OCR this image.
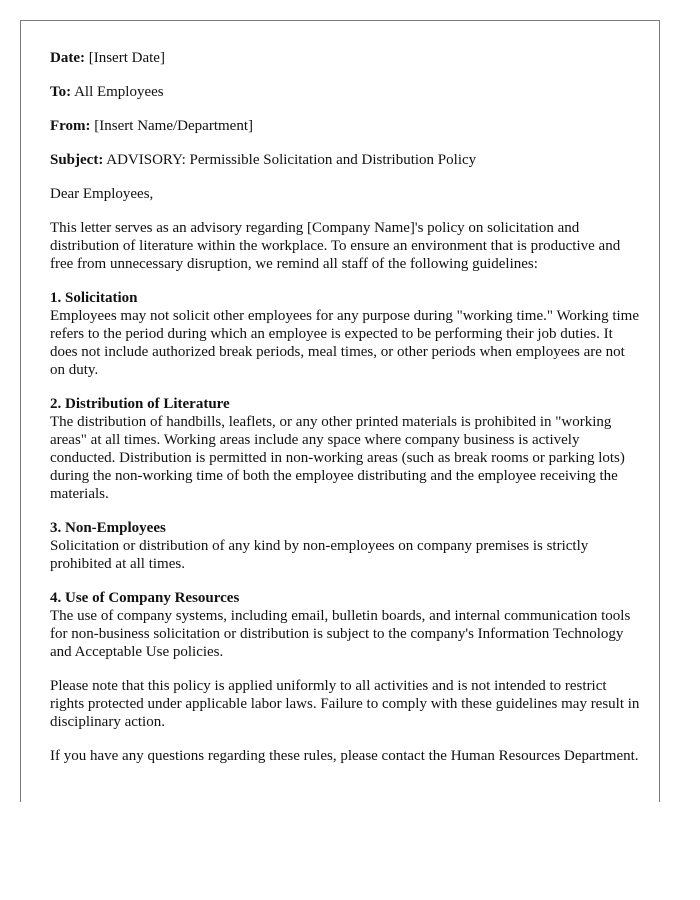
Date: [Insert Date]
To: All Employees
From: [Insert Name/Department]
Subject: ADVISORY: Permissible Solicitation and Distribution Policy

Dear Employees,

This letter serves as an advisory regarding [Company Name]'s policy on solicitation and distribution of literature within the workplace. To ensure an environment that is productive and free from unnecessary disruption, we remind all staff of the following guidelines:

1. Solicitation
Employees may not solicit other employees for any purpose during "working time." Working time refers to the period during which an employee is expected to be performing their job duties. It does not include authorized break periods, meal times, or other periods when employees are not on duty.
2. Distribution of Literature
The distribution of handbills, leaflets, or any other printed materials is prohibited in "working areas" at all times. Working areas include any space where company business is actively conducted. Distribution is permitted in non-working areas (such as break rooms or parking lots) during the non-working time of both the employee distributing and the employee receiving the materials.
3. Non-Employees
Solicitation or distribution of any kind by non-employees on company premises is strictly prohibited at all times.
4. Use of Company Resources
The use of company systems, including email, bulletin boards, and internal communication tools for non-business solicitation or distribution is subject to the company's Information Technology and Acceptable Use policies.

Please note that this policy is applied uniformly to all activities and is not intended to restrict rights protected under applicable labor laws. Failure to comply with these guidelines may result in disciplinary action.

If you have any questions regarding these rules, please contact the Human Resources Department.
